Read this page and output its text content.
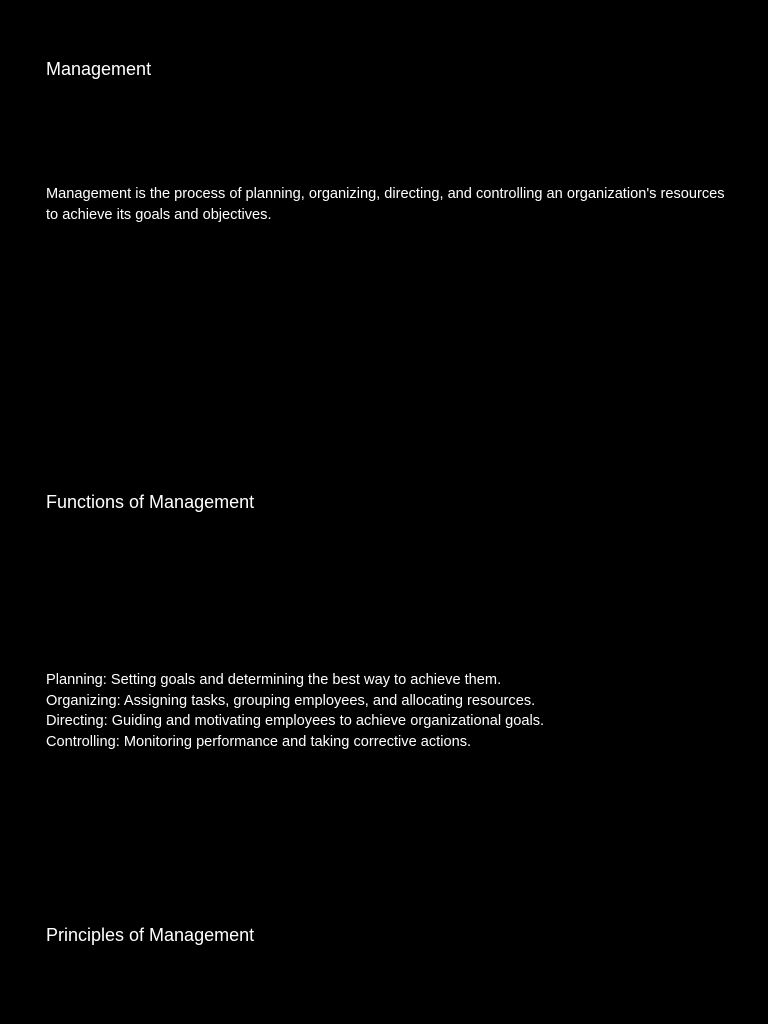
Management

Management is the process of planning, organizing, directing, and controlling an organization's resources to achieve its goals and objectives.

Functions of Management
Planning: Setting goals and determining the best way to achieve them.
Organizing: Assigning tasks, grouping employees, and allocating resources.
Directing: Guiding and motivating employees to achieve organizational goals.
Controlling: Monitoring performance and taking corrective actions.
Principles of Management
